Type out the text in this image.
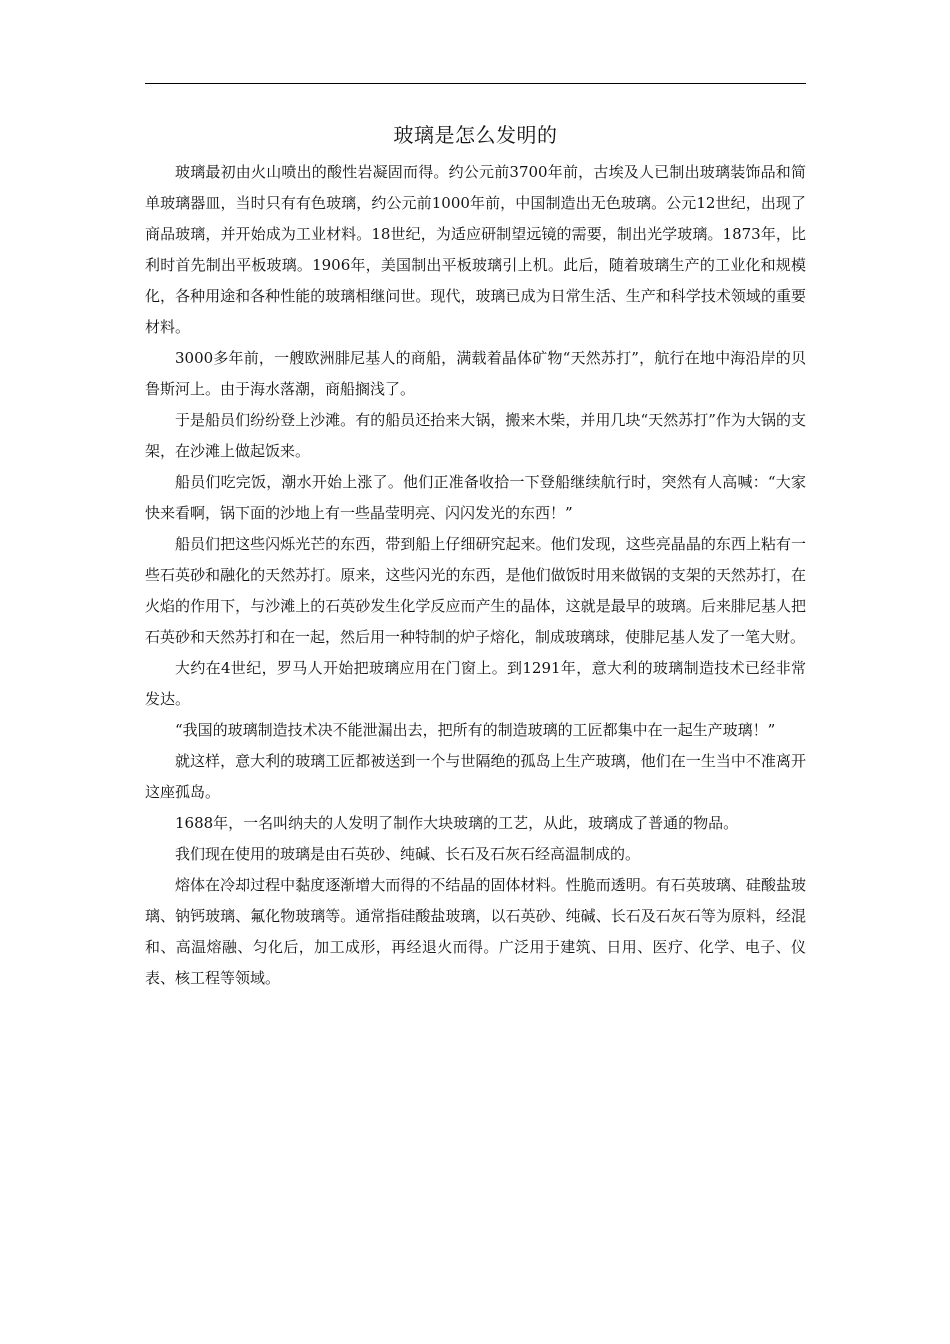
玻璃是怎么发明的

玻璃最初由火山喷出的酸性岩凝固而得。约公元前3700年前，古埃及人已制出玻璃装饰品和简单玻璃器皿，当时只有有色玻璃，约公元前1000年前，中国制造出无色玻璃。公元12世纪，出现了商品玻璃，并开始成为工业材料。18世纪，为适应研制望远镜的需要，制出光学玻璃。1873年，比利时首先制出平板玻璃。1906年，美国制出平板玻璃引上机。此后，随着玻璃生产的工业化和规模化，各种用途和各种性能的玻璃相继问世。现代，玻璃已成为日常生活、生产和科学技术领域的重要材料。

3000多年前，一艘欧洲腓尼基人的商船，满载着晶体矿物“天然苏打”，航行在地中海沿岸的贝鲁斯河上。由于海水落潮，商船搁浅了。

于是船员们纷纷登上沙滩。有的船员还抬来大锅，搬来木柴，并用几块“天然苏打”作为大锅的支架，在沙滩上做起饭来。

船员们吃完饭，潮水开始上涨了。他们正准备收拾一下登船继续航行时，突然有人高喊：“大家快来看啊，锅下面的沙地上有一些晶莹明亮、闪闪发光的东西！”

船员们把这些闪烁光芒的东西，带到船上仔细研究起来。他们发现，这些亮晶晶的东西上粘有一些石英砂和融化的天然苏打。原来，这些闪光的东西，是他们做饭时用来做锅的支架的天然苏打，在火焰的作用下，与沙滩上的石英砂发生化学反应而产生的晶体，这就是最早的玻璃。后来腓尼基人把石英砂和天然苏打和在一起，然后用一种特制的炉子熔化，制成玻璃球，使腓尼基人发了一笔大财。

大约在4世纪，罗马人开始把玻璃应用在门窗上。到1291年，意大利的玻璃制造技术已经非常发达。

“我国的玻璃制造技术决不能泄漏出去，把所有的制造玻璃的工匠都集中在一起生产玻璃！”

就这样，意大利的玻璃工匠都被送到一个与世隔绝的孤岛上生产玻璃，他们在一生当中不准离开这座孤岛。

1688年，一名叫纳夫的人发明了制作大块玻璃的工艺，从此，玻璃成了普通的物品。

我们现在使用的玻璃是由石英砂、纯碱、长石及石灰石经高温制成的。

熔体在冷却过程中黏度逐渐增大而得的不结晶的固体材料。性脆而透明。有石英玻璃、硅酸盐玻璃、钠钙玻璃、氟化物玻璃等。通常指硅酸盐玻璃，以石英砂、纯碱、长石及石灰石等为原料，经混和、高温熔融、匀化后，加工成形，再经退火而得。广泛用于建筑、日用、医疗、化学、电子、仪表、核工程等领域。
